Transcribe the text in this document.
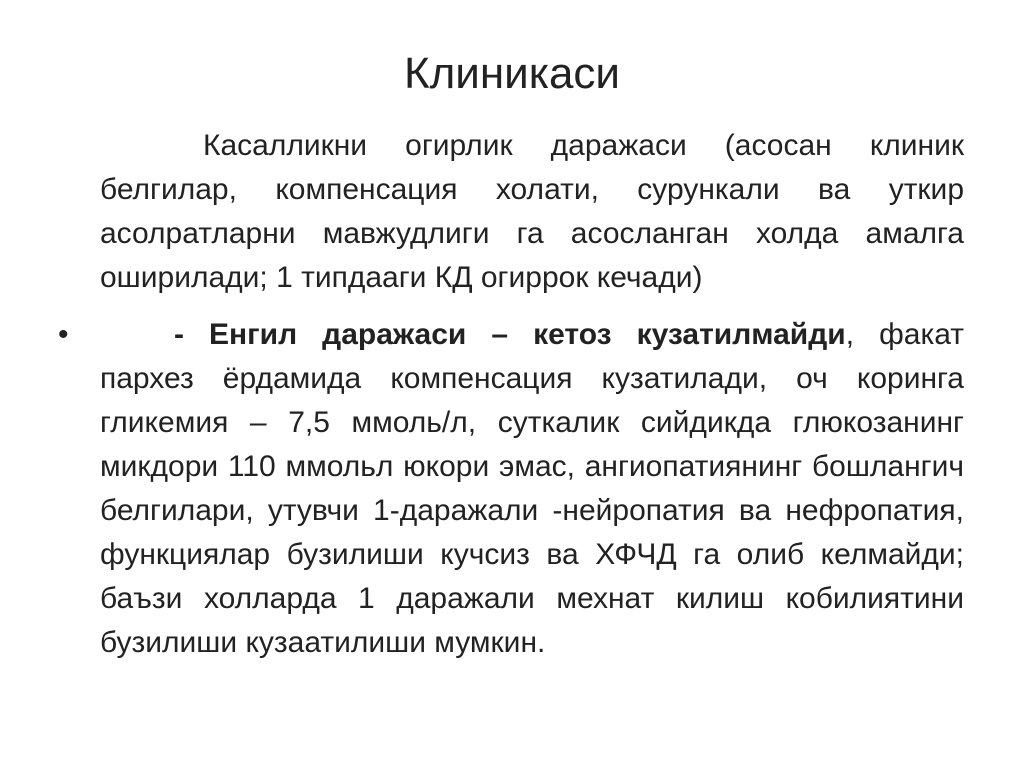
Клиникаси

Касалликни огирлик даражаси (асосан клиник белгилар, компенсация холати, сурункали ва уткир асолратларни мавжудлиги га асосланган холда амалга оширилади; 1 типдааги КД огиррок кечади)

•	- Енгил даражаси – кетоз кузатилмайди, факат пархез ёрдамида компенсация кузатилади, оч коринга гликемия – 7,5 ммоль/л, суткалик сийдикда глюкозанинг микдори 110 ммольл юкори эмас, ангиопатиянинг бошлангич белгилари, утувчи 1-даражали -нейропатия ва нефропатия, функциялар бузилиши кучсиз ва ХФЧД га олиб келмайди; баъзи холларда 1 даражали мехнат килиш кобилиятини бузилиши кузаатилиши мумкин.
